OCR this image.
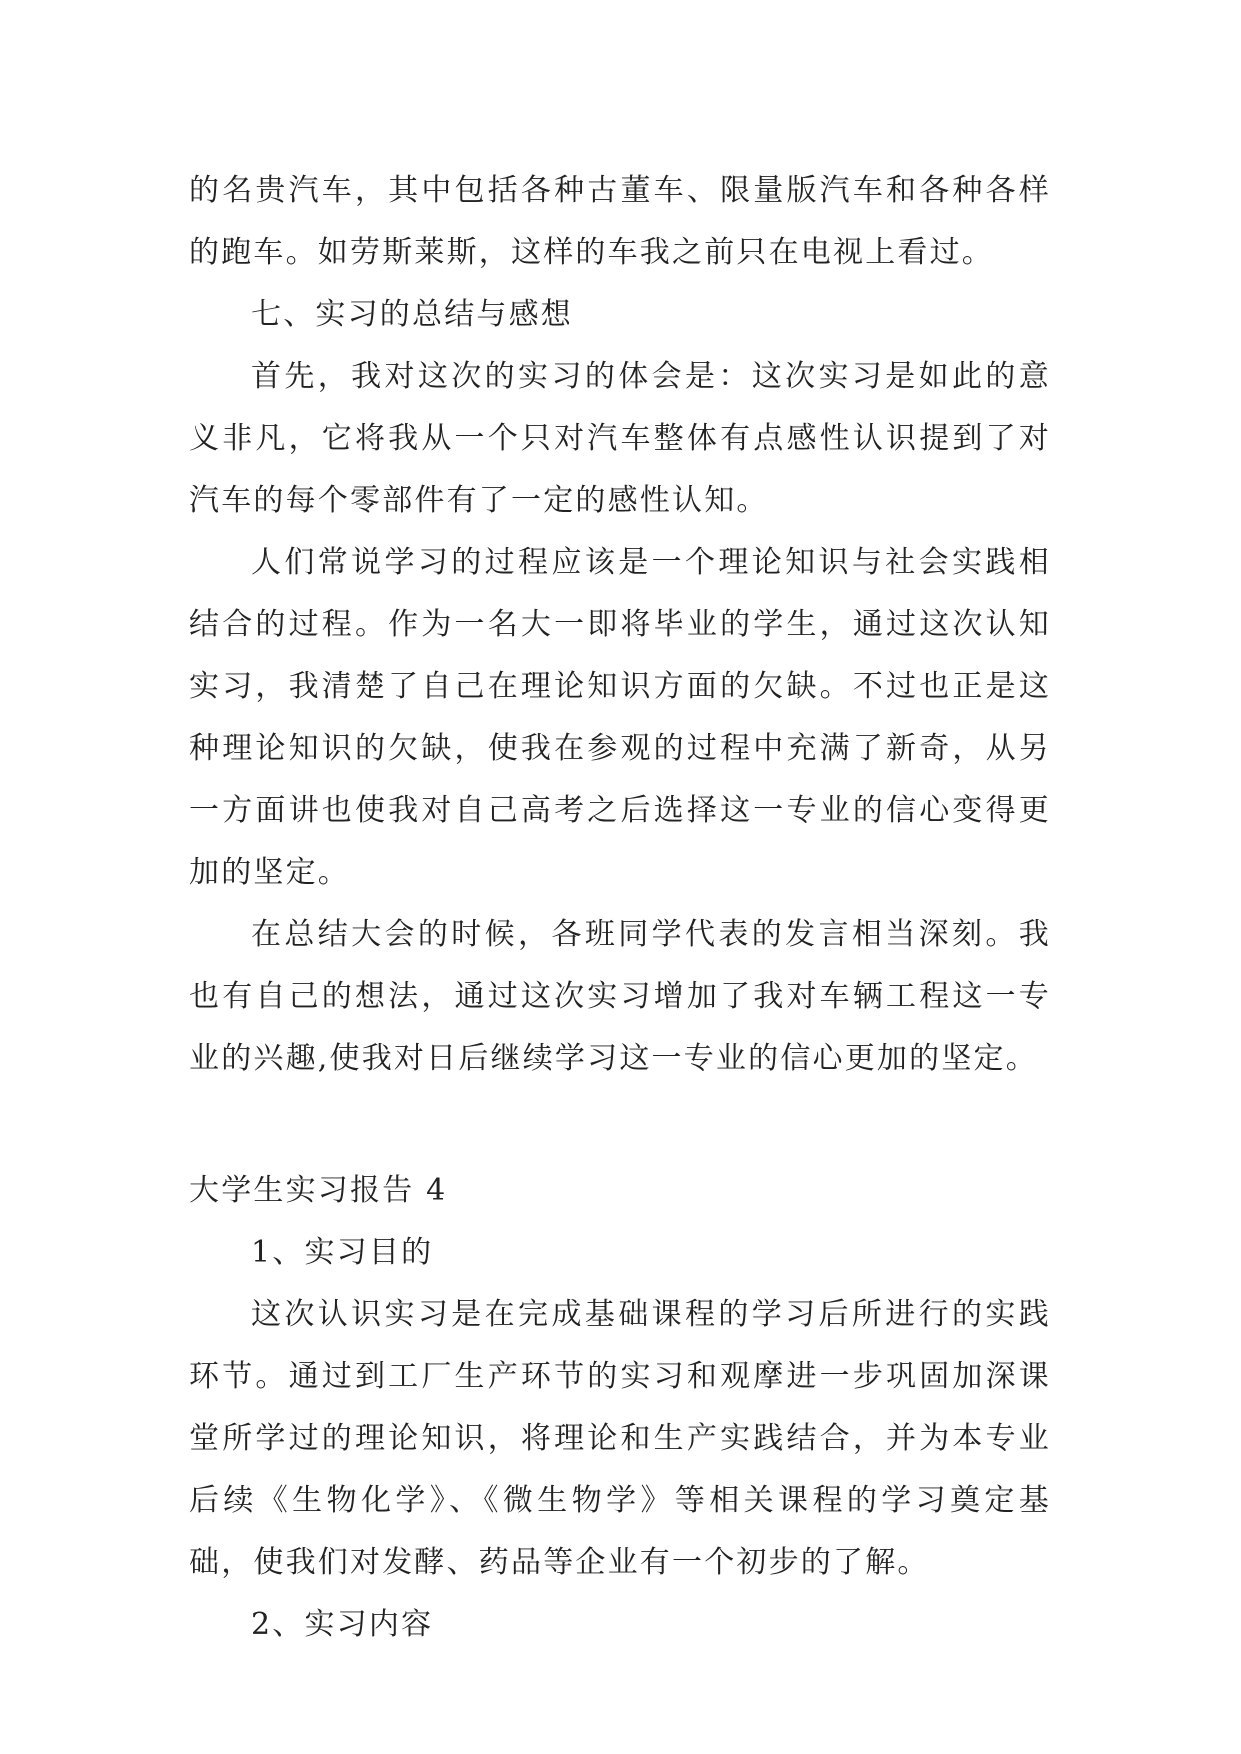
的名贵汽车，其中包括各种古董车、限量版汽车和各种各样的跑车。如劳斯莱斯，这样的车我之前只在电视上看过。

七、实习的总结与感想

首先，我对这次的实习的体会是：这次实习是如此的意义非凡，它将我从一个只对汽车整体有点感性认识提到了对汽车的每个零部件有了一定的感性认知。

人们常说学习的过程应该是一个理论知识与社会实践相结合的过程。作为一名大一即将毕业的学生，通过这次认知实习，我清楚了自己在理论知识方面的欠缺。不过也正是这种理论知识的欠缺，使我在参观的过程中充满了新奇，从另一方面讲也使我对自己高考之后选择这一专业的信心变得更加的坚定。

在总结大会的时候，各班同学代表的发言相当深刻。我也有自己的想法，通过这次实习增加了我对车辆工程这一专业的兴趣,使我对日后继续学习这一专业的信心更加的坚定。

大学生实习报告 4

1、实习目的

这次认识实习是在完成基础课程的学习后所进行的实践环节。通过到工厂生产环节的实习和观摩进一步巩固加深课堂所学过的理论知识，将理论和生产实践结合，并为本专业后续《生物化学》、《微生物学》等相关课程的学习奠定基础，使我们对发酵、药品等企业有一个初步的了解。

2、实习内容
